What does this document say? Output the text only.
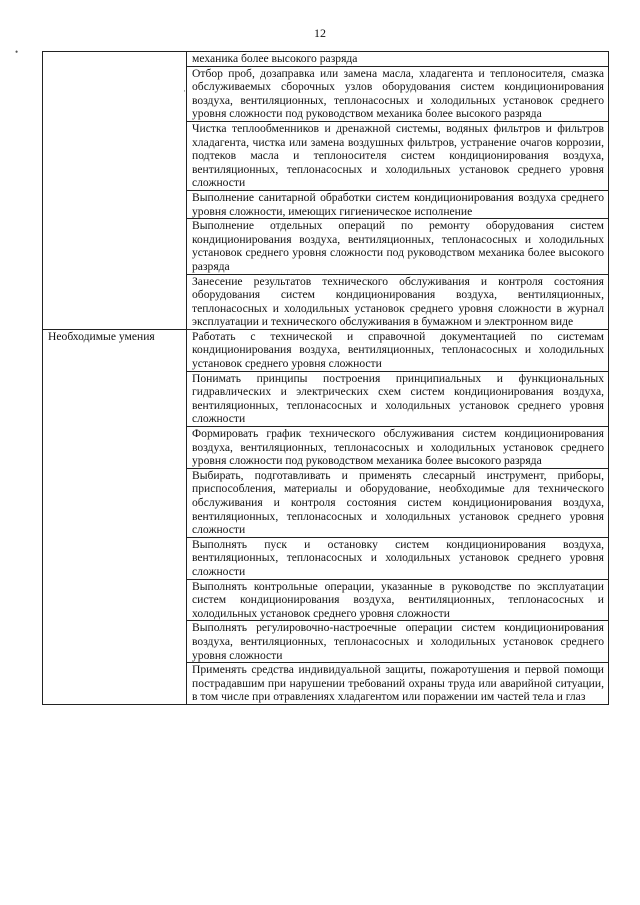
12
•
·
	механика более высокого разряда
	Отбор проб, дозаправка или замена масла, хладагента и теплоносителя, смазка обслуживаемых сборочных узлов оборудования систем кондиционирования воздуха, вентиляционных, теплонасосных и холодильных установок среднего уровня сложности под руководством механика более высокого разряда
	Чистка теплообменников и дренажной системы, водяных фильтров и фильтров хладагента, чистка или замена воздушных фильтров, устранение очагов коррозии, подтеков масла и теплоносителя систем кондиционирования воздуха, вентиляционных, теплонасосных и холодильных установок среднего уровня сложности
	Выполнение санитарной обработки систем кондиционирования воздуха среднего уровня сложности, имеющих гигиеническое исполнение
	Выполнение отдельных операций по ремонту оборудования систем кондиционирования воздуха, вентиляционных, теплонасосных и холодильных установок среднего уровня сложности под руководством механика более высокого разряда
	Занесение результатов технического обслуживания и контроля состояния оборудования систем кондиционирования воздуха, вентиляционных, теплонасосных и холодильных установок среднего уровня сложности в журнал эксплуатации и технического обслуживания в бумажном и электронном виде
Необходимые умения	Работать с технической и справочной документацией по системам кондиционирования воздуха, вентиляционных, теплонасосных и холодильных установок среднего уровня сложности
	Понимать принципы построения принципиальных и функциональных гидравлических и электрических схем систем кондиционирования воздуха, вентиляционных, теплонасосных и холодильных установок среднего уровня сложности
	Формировать график технического обслуживания систем кондиционирования воздуха, вентиляционных, теплонасосных и холодильных установок среднего уровня сложности под руководством механика более высокого разряда
	Выбирать, подготавливать и применять слесарный инструмент, приборы, приспособления, материалы и оборудование, необходимые для технического обслуживания и контроля состояния систем кондиционирования воздуха, вентиляционных, теплонасосных и холодильных установок среднего уровня сложности
	Выполнять пуск и остановку систем кондиционирования воздуха, вентиляционных, теплонасосных и холодильных установок среднего уровня сложности
	Выполнять контрольные операции, указанные в руководстве по эксплуатации систем кондиционирования воздуха, вентиляционных, теплонасосных и холодильных установок среднего уровня сложности
	Выполнять регулировочно-настроечные операции систем кондиционирования воздуха, вентиляционных, теплонасосных и холодильных установок среднего уровня сложности
	Применять средства индивидуальной защиты, пожаротушения и первой помощи пострадавшим при нарушении требований охраны труда или аварийной ситуации, в том числе при отравлениях хладагентом или поражении им частей тела и глаз
